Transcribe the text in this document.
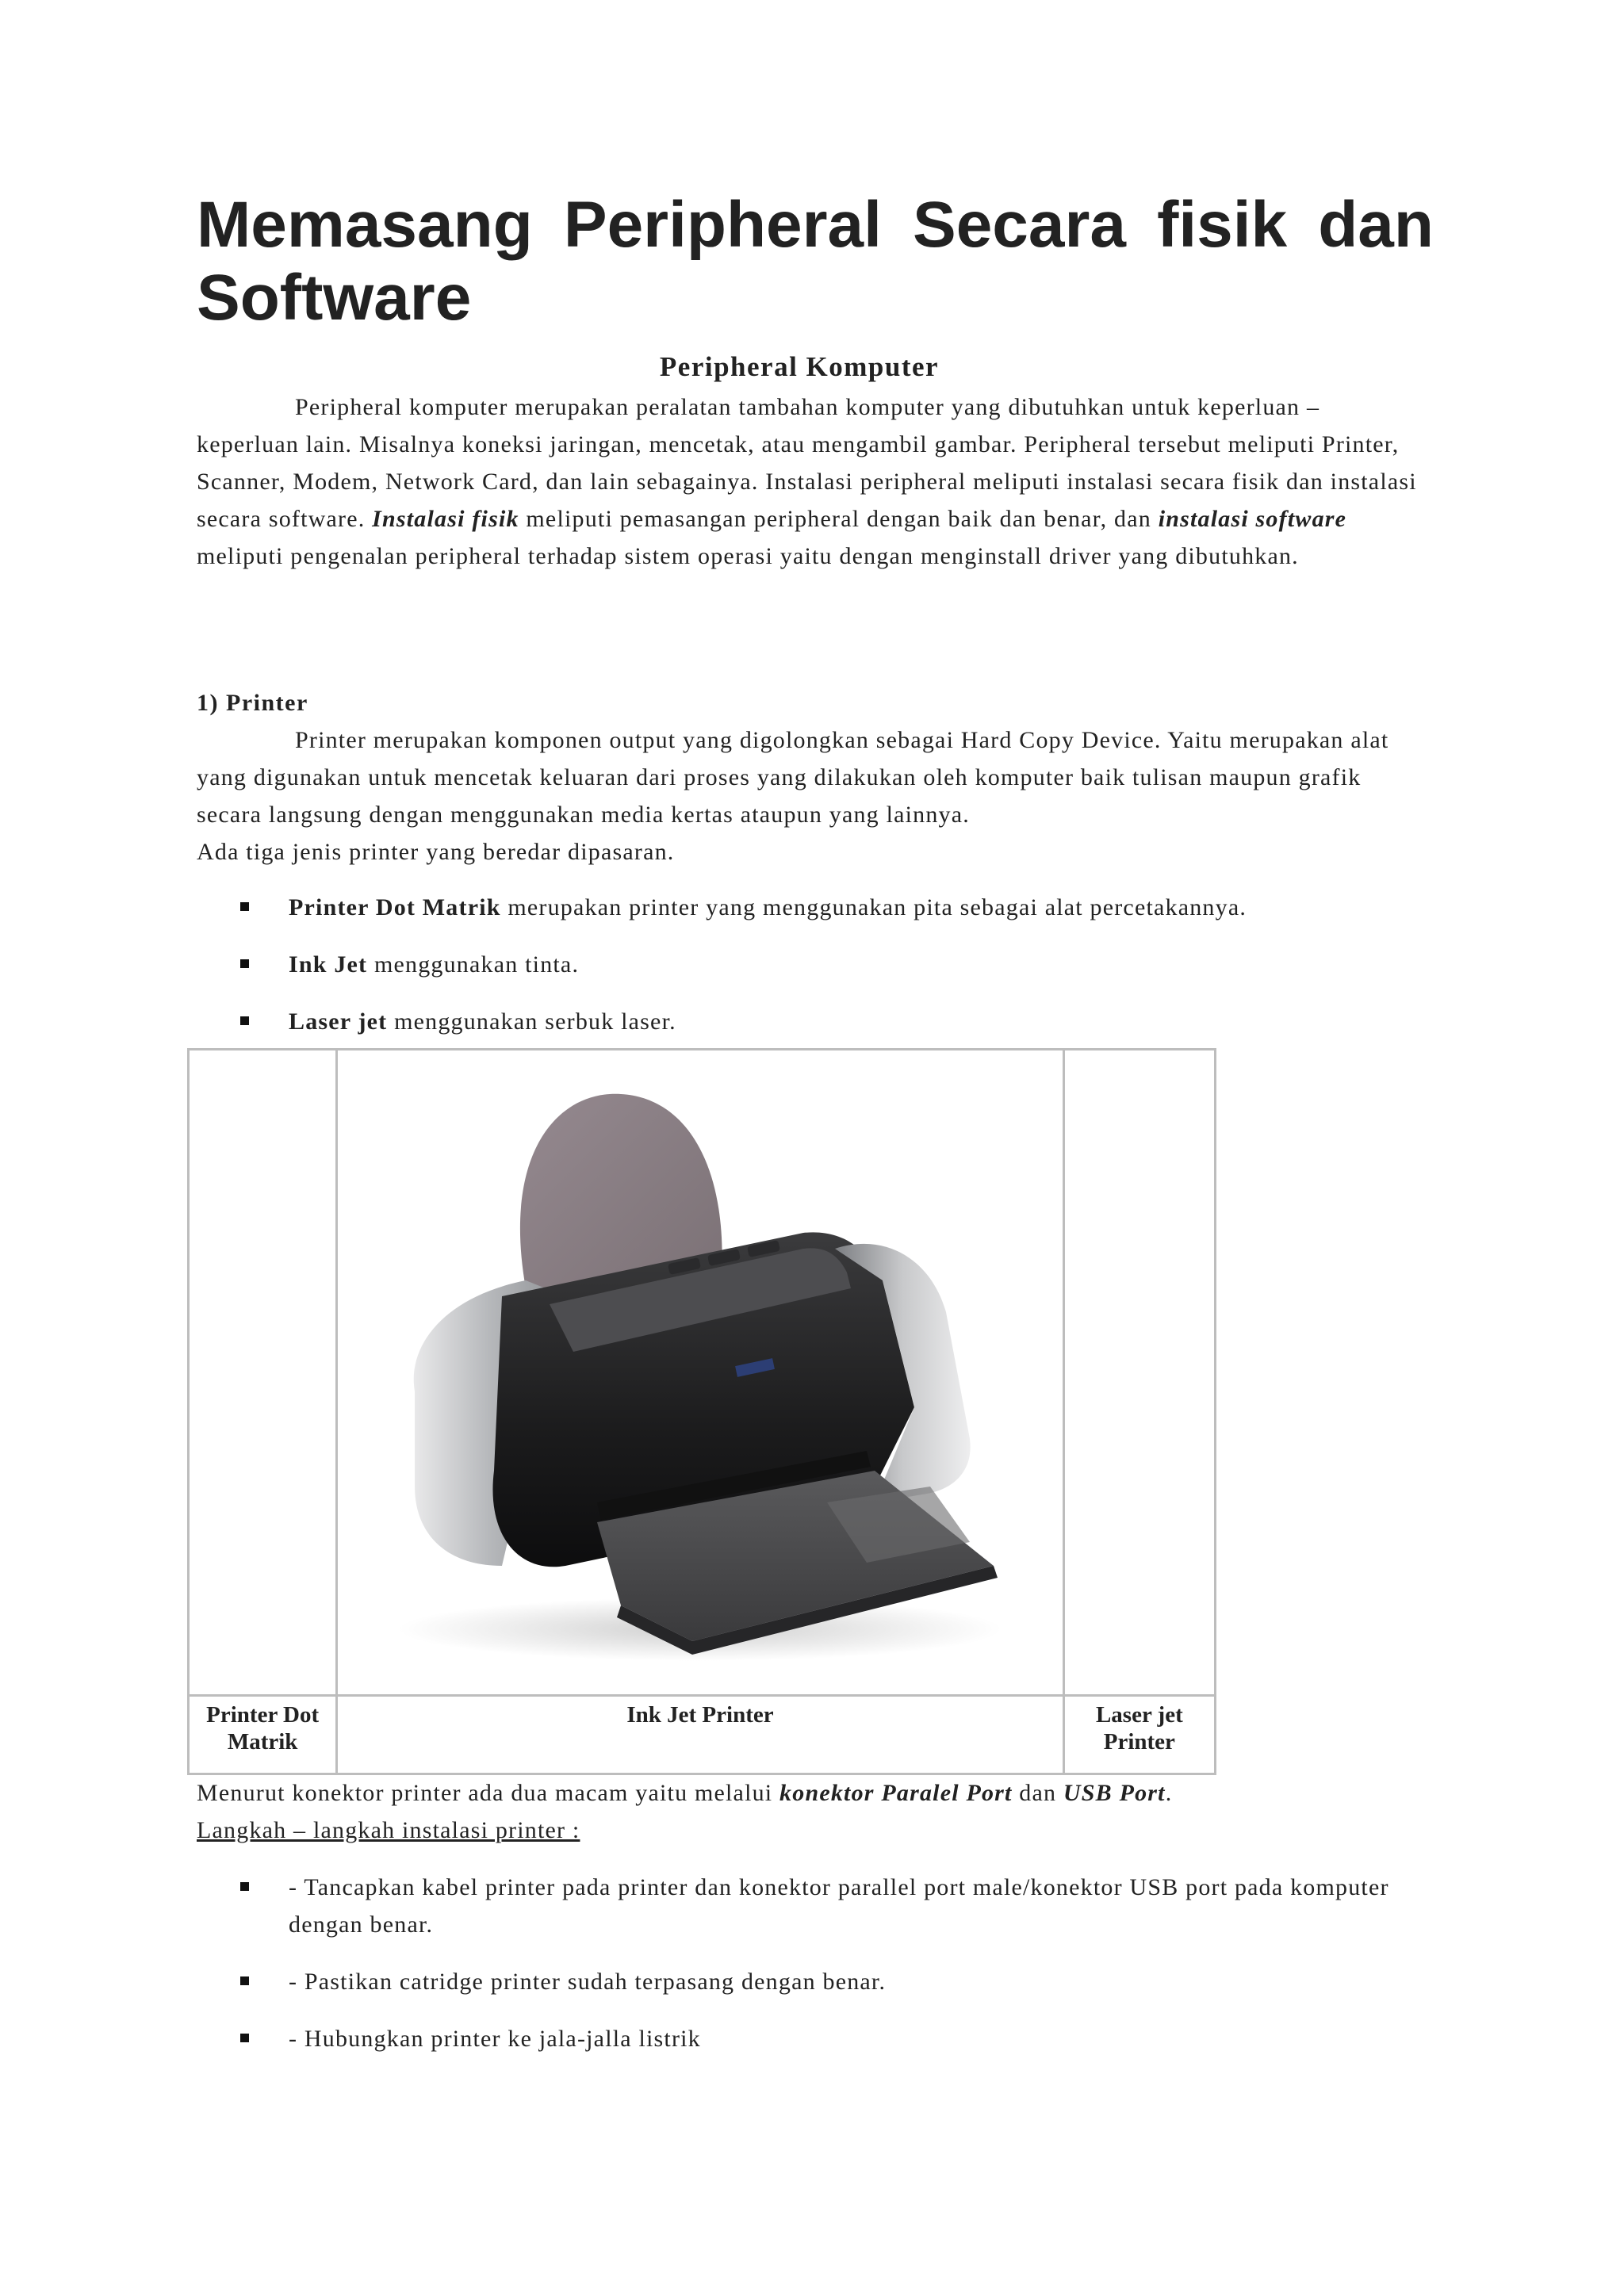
Memasang Peripheral Secara fisik dan Software
Peripheral Komputer

Peripheral komputer merupakan peralatan tambahan komputer yang dibutuhkan untuk keperluan – keperluan lain. Misalnya koneksi jaringan, mencetak, atau mengambil gambar. Peripheral tersebut meliputi Printer, Scanner, Modem, Network Card, dan lain sebagainya. Instalasi peripheral meliputi instalasi secara fisik dan instalasi secara software. Instalasi fisik meliputi pemasangan peripheral dengan baik dan benar, dan instalasi software meliputi pengenalan peripheral terhadap sistem operasi yaitu dengan menginstall driver yang dibutuhkan.

1) Printer

Printer merupakan komponen output yang digolongkan sebagai Hard Copy Device. Yaitu merupakan alat yang digunakan untuk mencetak keluaran dari proses yang dilakukan oleh komputer baik tulisan maupun grafik secara langsung dengan menggunakan media kertas ataupun yang lainnya.

Ada tiga jenis printer yang beredar dipasaran.

Printer Dot Matrik merupakan printer yang menggunakan pita sebagai alat percetakannya.
Ink Jet menggunakan tinta.
Laser jet menggunakan serbuk laser.

Printer Dot Matrik	Ink Jet Printer	Laser jet Printer

Menurut konektor printer ada dua macam yaitu melalui konektor Paralel Port dan USB Port.

Langkah – langkah instalasi printer :

- Tancapkan kabel printer pada printer dan konektor parallel port male/konektor USB port pada komputer dengan benar.
- Pastikan catridge printer sudah terpasang dengan benar.
- Hubungkan printer ke jala-jalla listrik
